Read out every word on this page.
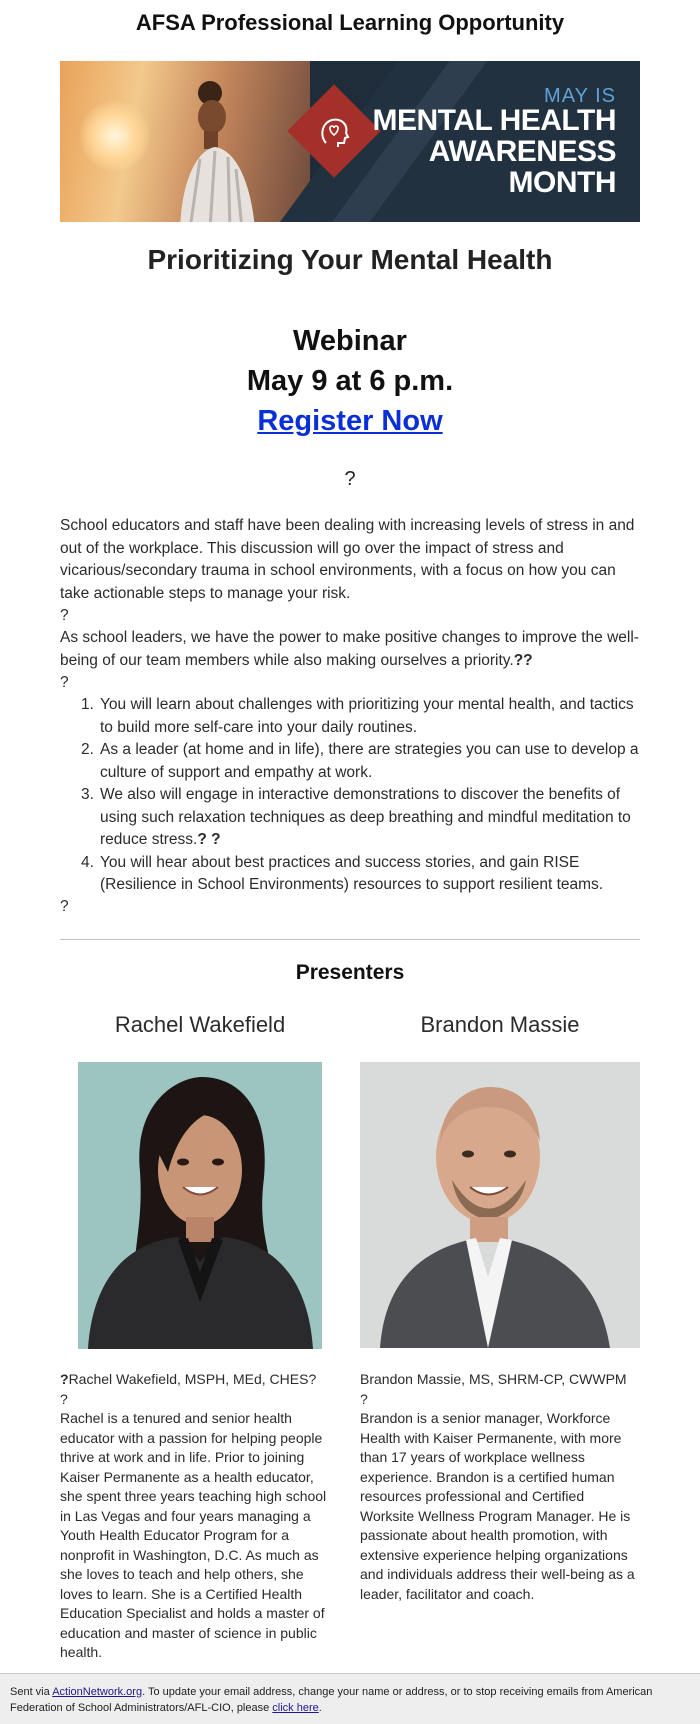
AFSA Professional Learning Opportunity
MAY IS
MENTAL HEALTH
AWARENESS
MONTH
Prioritizing Your Mental Health
Webinar
May 9 at 6 p.m.
Register Now
?

School educators and staff have been dealing with increasing levels of stress in and out of the workplace. This discussion will go over the impact of stress and vicarious/secondary trauma in school environments, with a focus on how you can take actionable steps to manage your risk.

?

As school leaders, we have the power to make positive changes to improve the well-being of our team members while also making ourselves a priority.??

?

1. You will learn about challenges with prioritizing your mental health, and tactics to build more self-care into your daily routines.
2. As a leader (at home and in life), there are strategies you can use to develop a culture of support and empathy at work.
3. We also will engage in interactive demonstrations to discover the benefits of using such relaxation techniques as deep breathing and mindful meditation to reduce stress.? ?
4. You will hear about best practices and success stories, and gain RISE (Resilience in School Environments) resources to support resilient teams.

?

Presenters
Rachel Wakefield	Brandon Massie
?Rachel Wakefield, MSPH, MEd, CHES?
?
Brandon Massie, MS, SHRM-CP, CWWPM
?

Rachel is a tenured and senior health educator with a passion for helping people thrive at work and in life. Prior to joining Kaiser Permanente as a health educator, she spent three years teaching high school in Las Vegas and four years managing a Youth Health Educator Program for a nonprofit in Washington, D.C. As much as she loves to teach and help others, she loves to learn. She is a Certified Health Education Specialist and holds a master of education and master of science in public health.

Brandon is a senior manager, Workforce Health with Kaiser Permanente, with more than 17 years of workplace wellness experience. Brandon is a certified human resources professional and Certified Worksite Wellness Program Manager. He is passionate about health promotion, with extensive experience helping organizations and individuals address their well-being as a leader, facilitator and coach.

Sent via ActionNetwork.org. To update your email address, change your name or address, or to stop receiving emails from American Federation of School Administrators/AFL-CIO, please click here.
